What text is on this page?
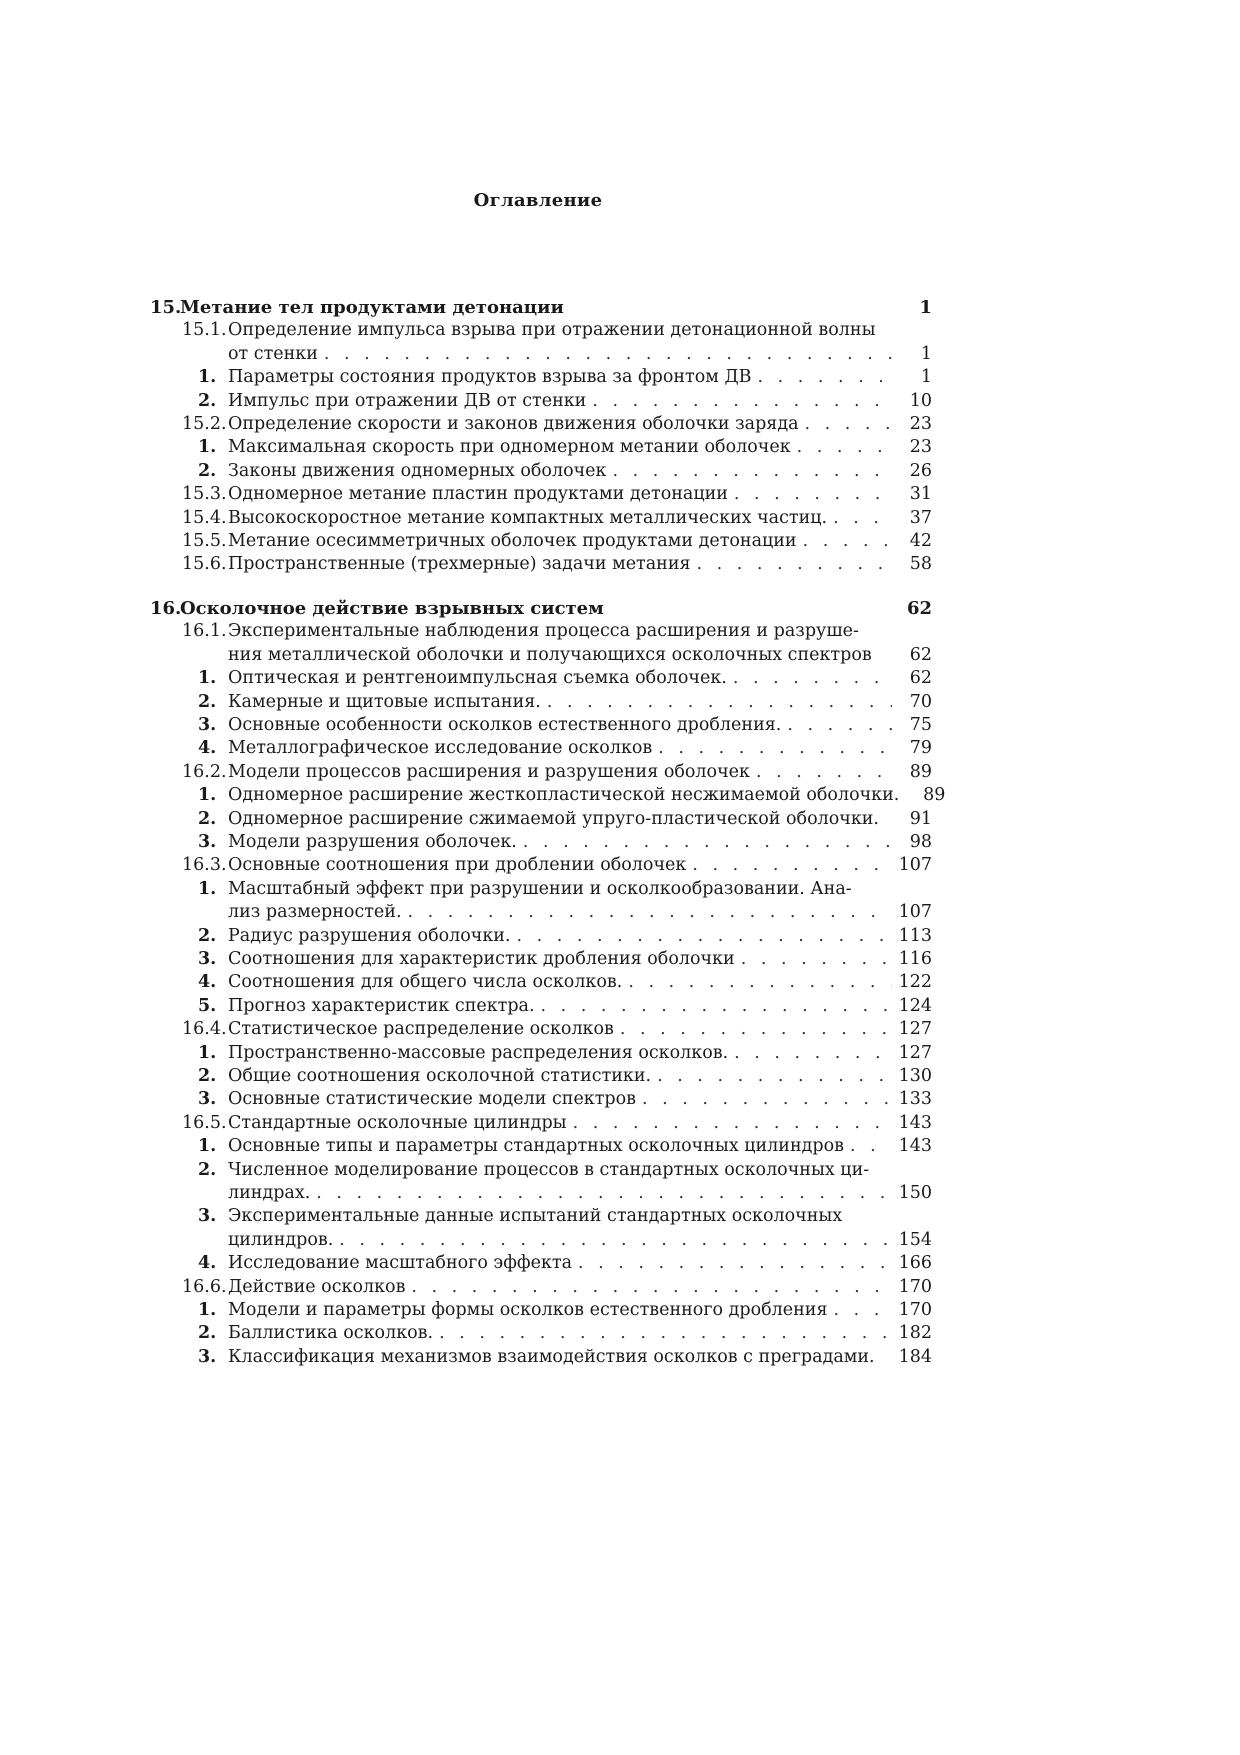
Оглавление
15.
Метание тел продуктами детонации	1
15.1. Определение импульса взрыва при отражении детонационной волны
от стенки . . .	1
1. Параметры состояния продуктов взрыва за фронтом ДВ . . .	1
2. Импульс при отражении ДВ от стенки . . .	10
15.2. Определение скорости и законов движения оболочки заряда . . .	23
1. Максимальная скорость при одномерном метании оболочек . . .	23
2. Законы движения одномерных оболочек . . .	26
15.3. Одномерное метание пластин продуктами детонации . . .	31
15.4. Высокоскоростное метание компактных металлических частиц. . . .	37
15.5. Метание осесимметричных оболочек продуктами детонации . . .	42
15.6. Пространственные (трехмерные) задачи метания . . .	58
16.
Осколочное действие взрывных систем	62
16.1. Экспериментальные наблюдения процесса расширения и разруше-
ния металлической оболочки и получающихся осколочных спектров	62
1. Оптическая и рентгеноимпульсная съемка оболочек. . . .	62
2. Камерные и щитовые испытания. . . .	70
3. Основные особенности осколков естественного дробления. . . .	75
4. Металлографическое исследование осколков . . .	79
16.2. Модели процессов расширения и разрушения оболочек . . .	89
1. Одномерное расширение жесткопластической несжимаемой оболочки.	89
2. Одномерное расширение сжимаемой упруго-пластической оболочки.	91
3. Модели разрушения оболочек. . . .	98
16.3. Основные соотношения при дроблении оболочек . . .	107
1. Масштабный эффект при разрушении и осколкообразовании. Ана-
лиз размерностей. . . .	107
2. Радиус разрушения оболочки. . . .	113
3. Соотношения для характеристик дробления оболочки . . .	116
4. Соотношения для общего числа осколков. . . .	122
5. Прогноз характеристик спектра. . . .	124
16.4. Статистическое распределение осколков . . .	127
1. Пространственно-массовые распределения осколков. . . .	127
2. Общие соотношения осколочной статистики. . . .	130
3. Основные статистические модели спектров . . .	133
16.5. Стандартные осколочные цилиндры . . .	143
1. Основные типы и параметры стандартных осколочных цилиндров . . .	143
2. Численное моделирование процессов в стандартных осколочных ци-
линдрах. . . .	150
3. Экспериментальные данные испытаний стандартных осколочных
цилиндров. . . .	154
4. Исследование масштабного эффекта . . .	166
16.6. Действие осколков . . .	170
1. Модели и параметры формы осколков естественного дробления . . .	170
2. Баллистика осколков. . . .	182
3. Классификация механизмов взаимодействия осколков с преградами. 184
